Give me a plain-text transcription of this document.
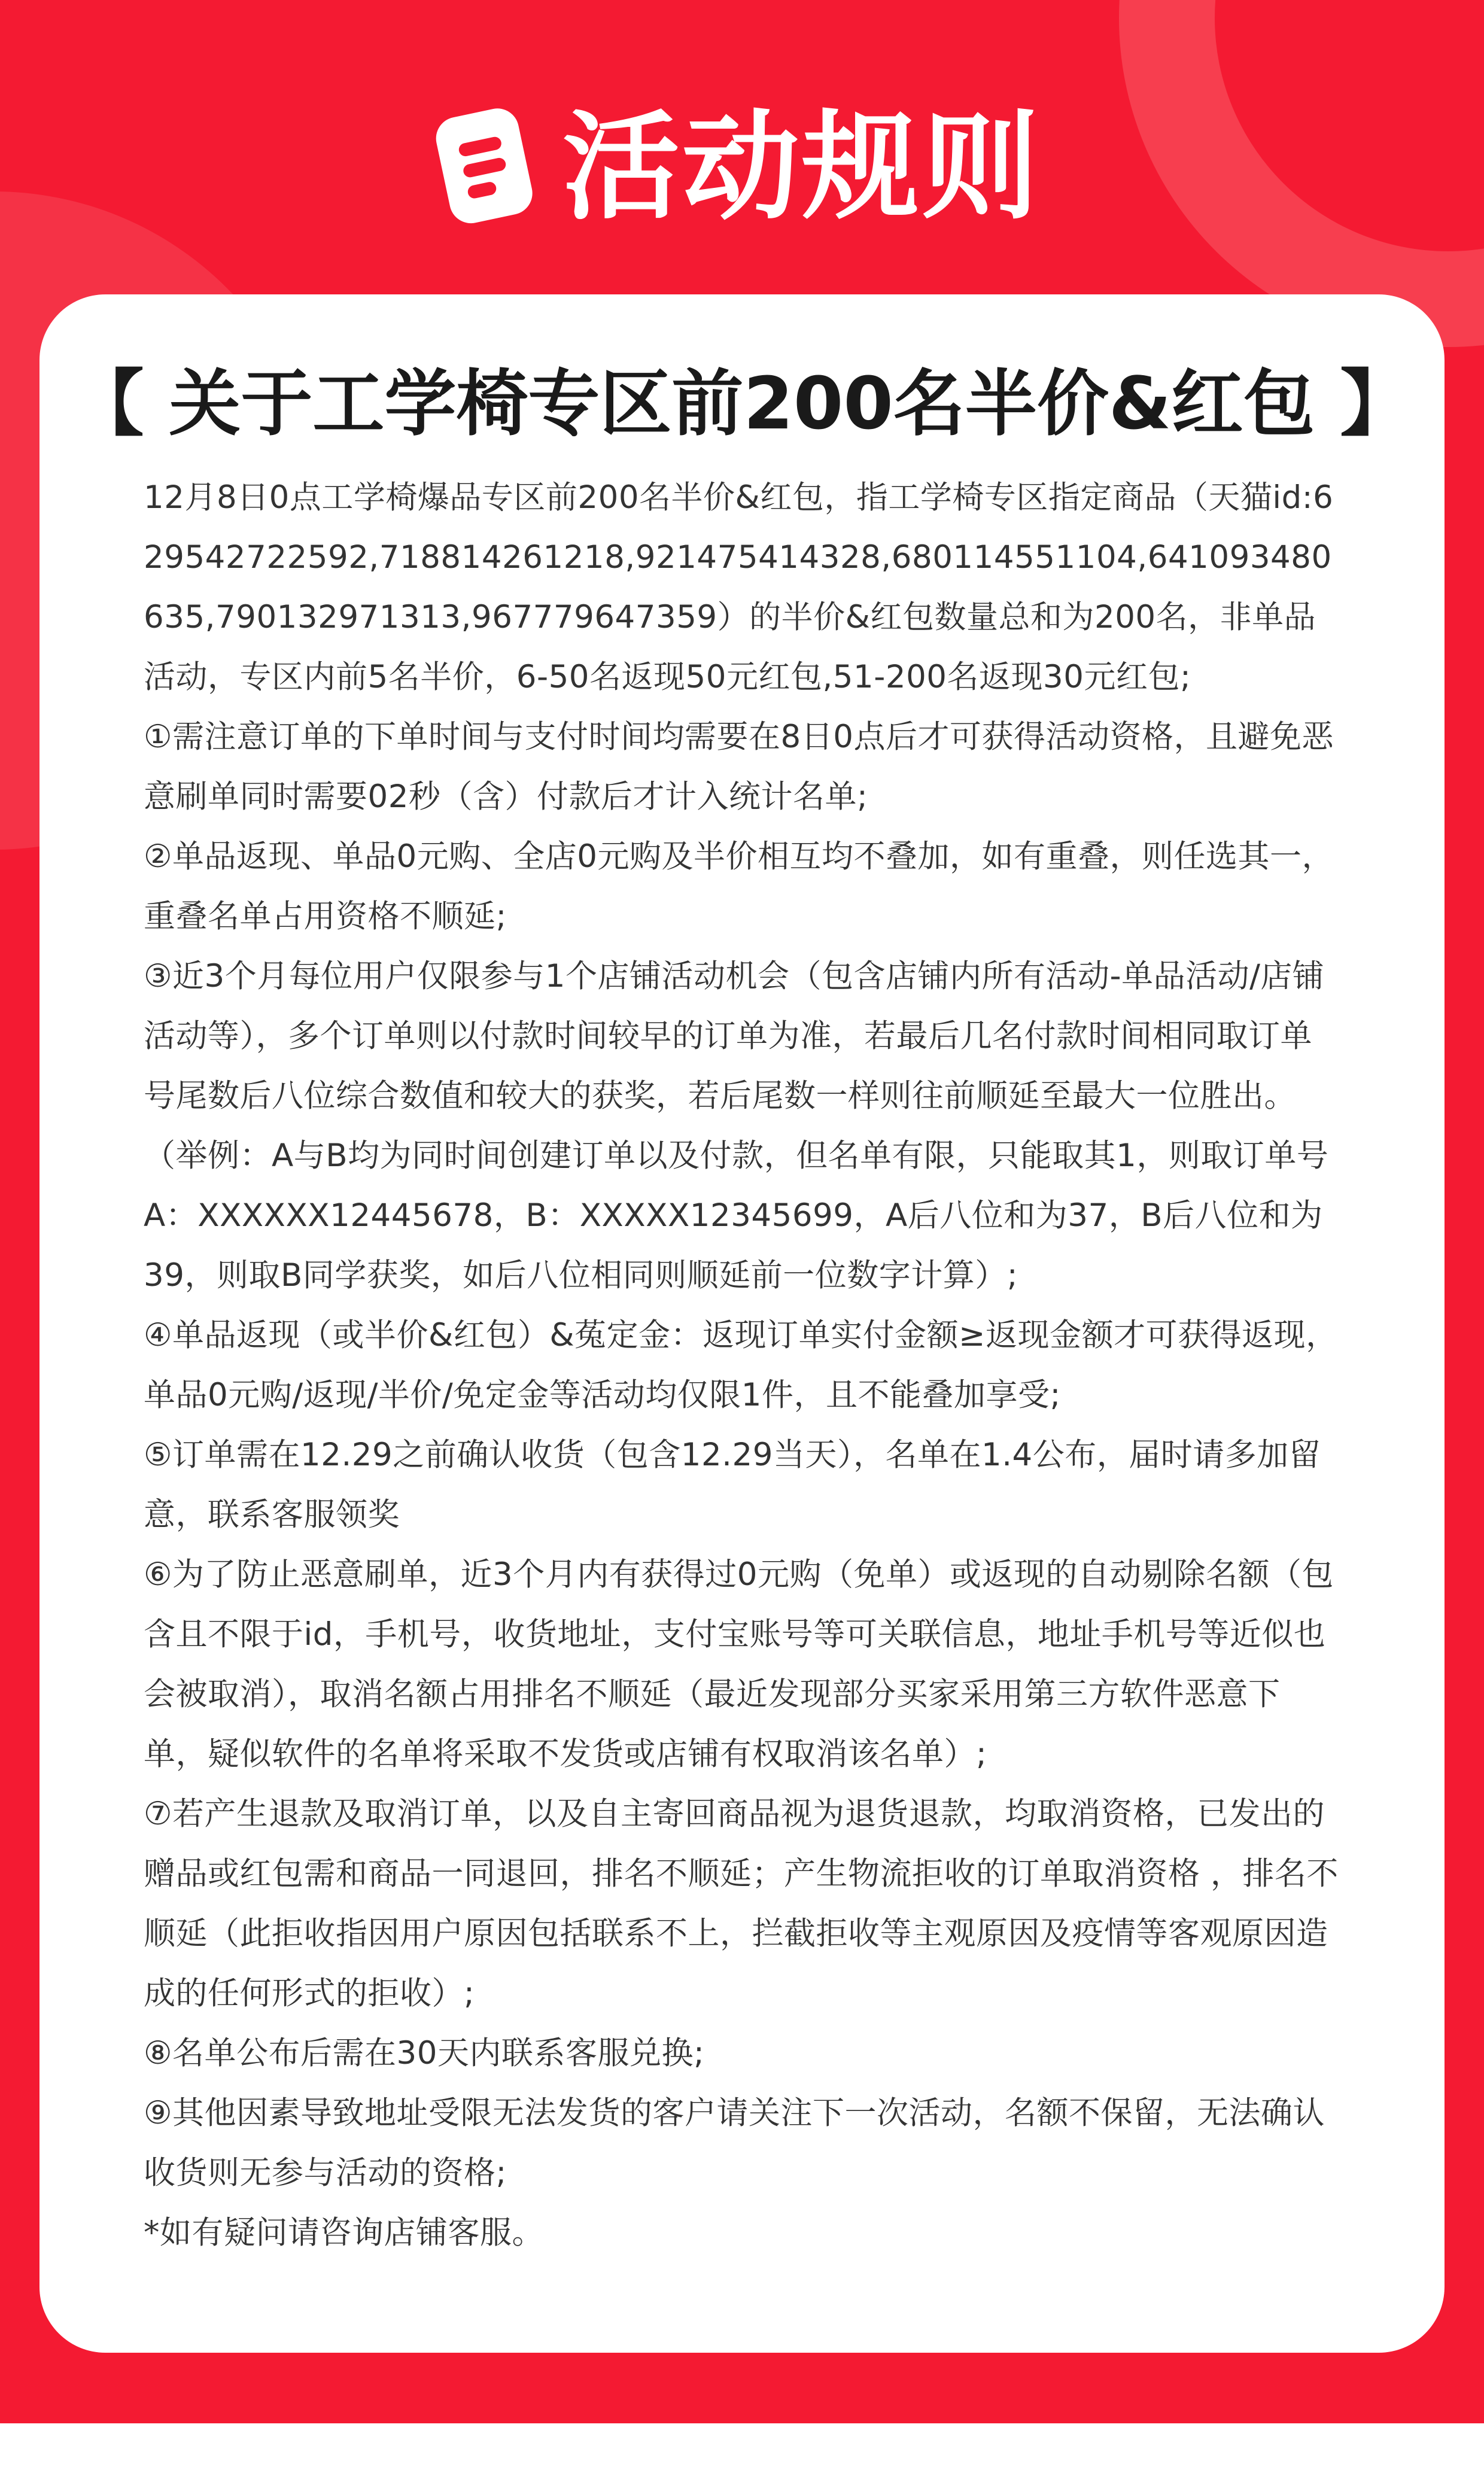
活动规则
【 关于工学椅专区前200名半价&红包 】

12月8日0点工学椅爆品专区前200名半价&红包，指工学椅专区指定商品（天猫id:629542722592,718814261218,921475414328,680114551104,641093480635,790132971313,967779647359）的半价&红包数量总和为200名，非单品活动，专区内前5名半价，6-50名返现50元红包,51-200名返现30元红包;

①需注意订单的下单时间与支付时间均需要在8日0点后才可获得活动资格，且避免恶意刷单同时需要02秒（含）付款后才计入统计名单;

②单品返现、单品0元购、全店0元购及半价相互均不叠加，如有重叠，则任选其一，重叠名单占用资格不顺延;

③近3个月每位用户仅限参与1个店铺活动机会（包含店铺内所有活动-单品活动/店铺活动等），多个订单则以付款时间较早的订单为准，若最后几名付款时间相同取订单号尾数后八位综合数值和较大的获奖，若后尾数一样则往前顺延至最大一位胜出。（举例：A与B均为同时间创建订单以及付款，但名单有限，只能取其1，则取订单号A：XXXXXX12445678，B：XXXXX12345699，A后八位和为37，B后八位和为39，则取B同学获奖，如后八位相同则顺延前一位数字计算）;

④单品返现（或半价&红包）&菟定金：返现订单实付金额≥返现金额才可获得返现，单品0元购/返现/半价/免定金等活动均仅限1件，且不能叠加享受;

⑤订单需在12.29之前确认收货（包含12.29当天），名单在1.4公布，届时请多加留意，联系客服领奖

⑥为了防止恶意刷单，近3个月内有获得过0元购（免单）或返现的自动剔除名额（包含且不限于id，手机号，收货地址，支付宝账号等可关联信息，地址手机号等近似也会被取消），取消名额占用排名不顺延（最近发现部分买家采用第三方软件恶意下单，疑似软件的名单将采取不发货或店铺有权取消该名单）;

⑦若产生退款及取消订单，以及自主寄回商品视为退货退款，均取消资格，已发出的赠品或红包需和商品一同退回，排名不顺延；产生物流拒收的订单取消资格 ，排名不顺延（此拒收指因用户原因包括联系不上，拦截拒收等主观原因及疫情等客观原因造成的任何形式的拒收）;

⑧名单公布后需在30天内联系客服兑换;

⑨其他因素导致地址受限无法发货的客户请关注下一次活动，名额不保留，无法确认收货则无参与活动的资格;

*如有疑问请咨询店铺客服。
